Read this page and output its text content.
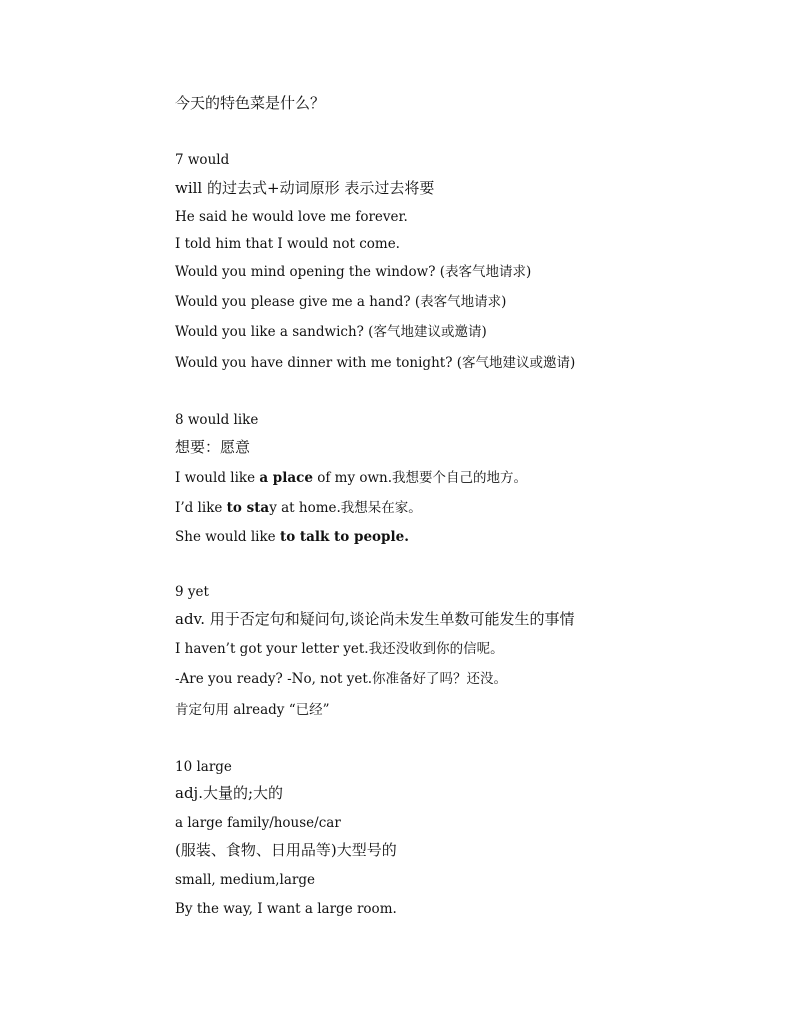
今天的特色菜是什么？
7 would
will 的过去式+动词原形 表示过去将要
He said he would love me forever.
I told him that I would not come.
Would you mind opening the window? (表客气地请求)
Would you please give me a hand? (表客气地请求)
Would you like a sandwich? (客气地建议或邀请)
Would you have dinner with me tonight? (客气地建议或邀请)
8 would like
想要：愿意
I would like a place of my own.我想要个自己的地方。
I’d like to stay at home.我想呆在家。
She would like to talk to people.
9 yet
adv. 用于否定句和疑问句,谈论尚未发生单数可能发生的事情
I haven’t got your letter yet.我还没收到你的信呢。
-Are you ready? -No, not yet.你准备好了吗？还没。
肯定句用 already “已经”
10 large
adj.大量的;大的
a large family/house/car
(服装、食物、日用品等)大型号的
small, medium,large
By the way, I want a large room.
